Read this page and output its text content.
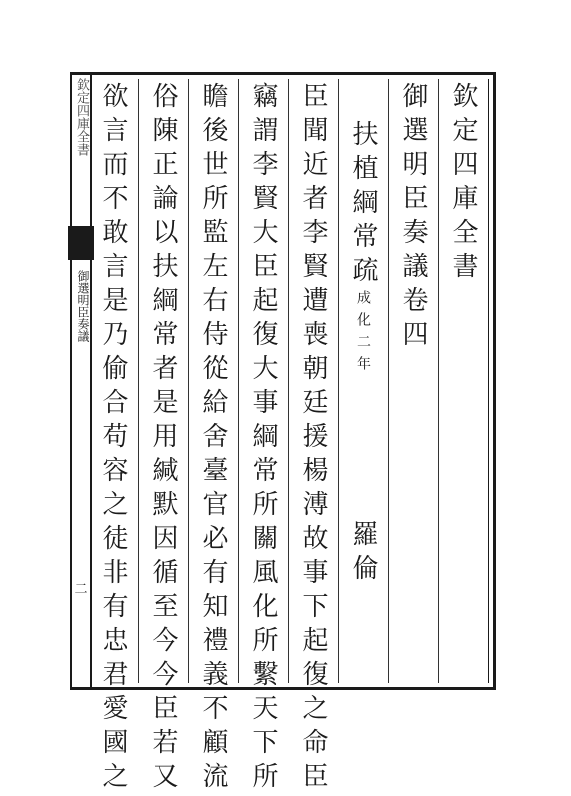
欽定四庫全書
御選明臣奏議
二
欽定四庫全書
御選明臣奏議卷四
扶植綱常疏成化二年
羅倫
臣聞近者李賢遭喪朝廷援楊溥故事下起復之命臣
竊謂李賢大臣起復大事綱常所關風化所繫天下所
瞻後世所監左右侍從給舍臺官必有知禮義不顧流
俗陳正論以扶綱常者是用緘默因循至今今臣若又
欲言而不敢言是乃偷合苟容之徒非有忠君愛國之
